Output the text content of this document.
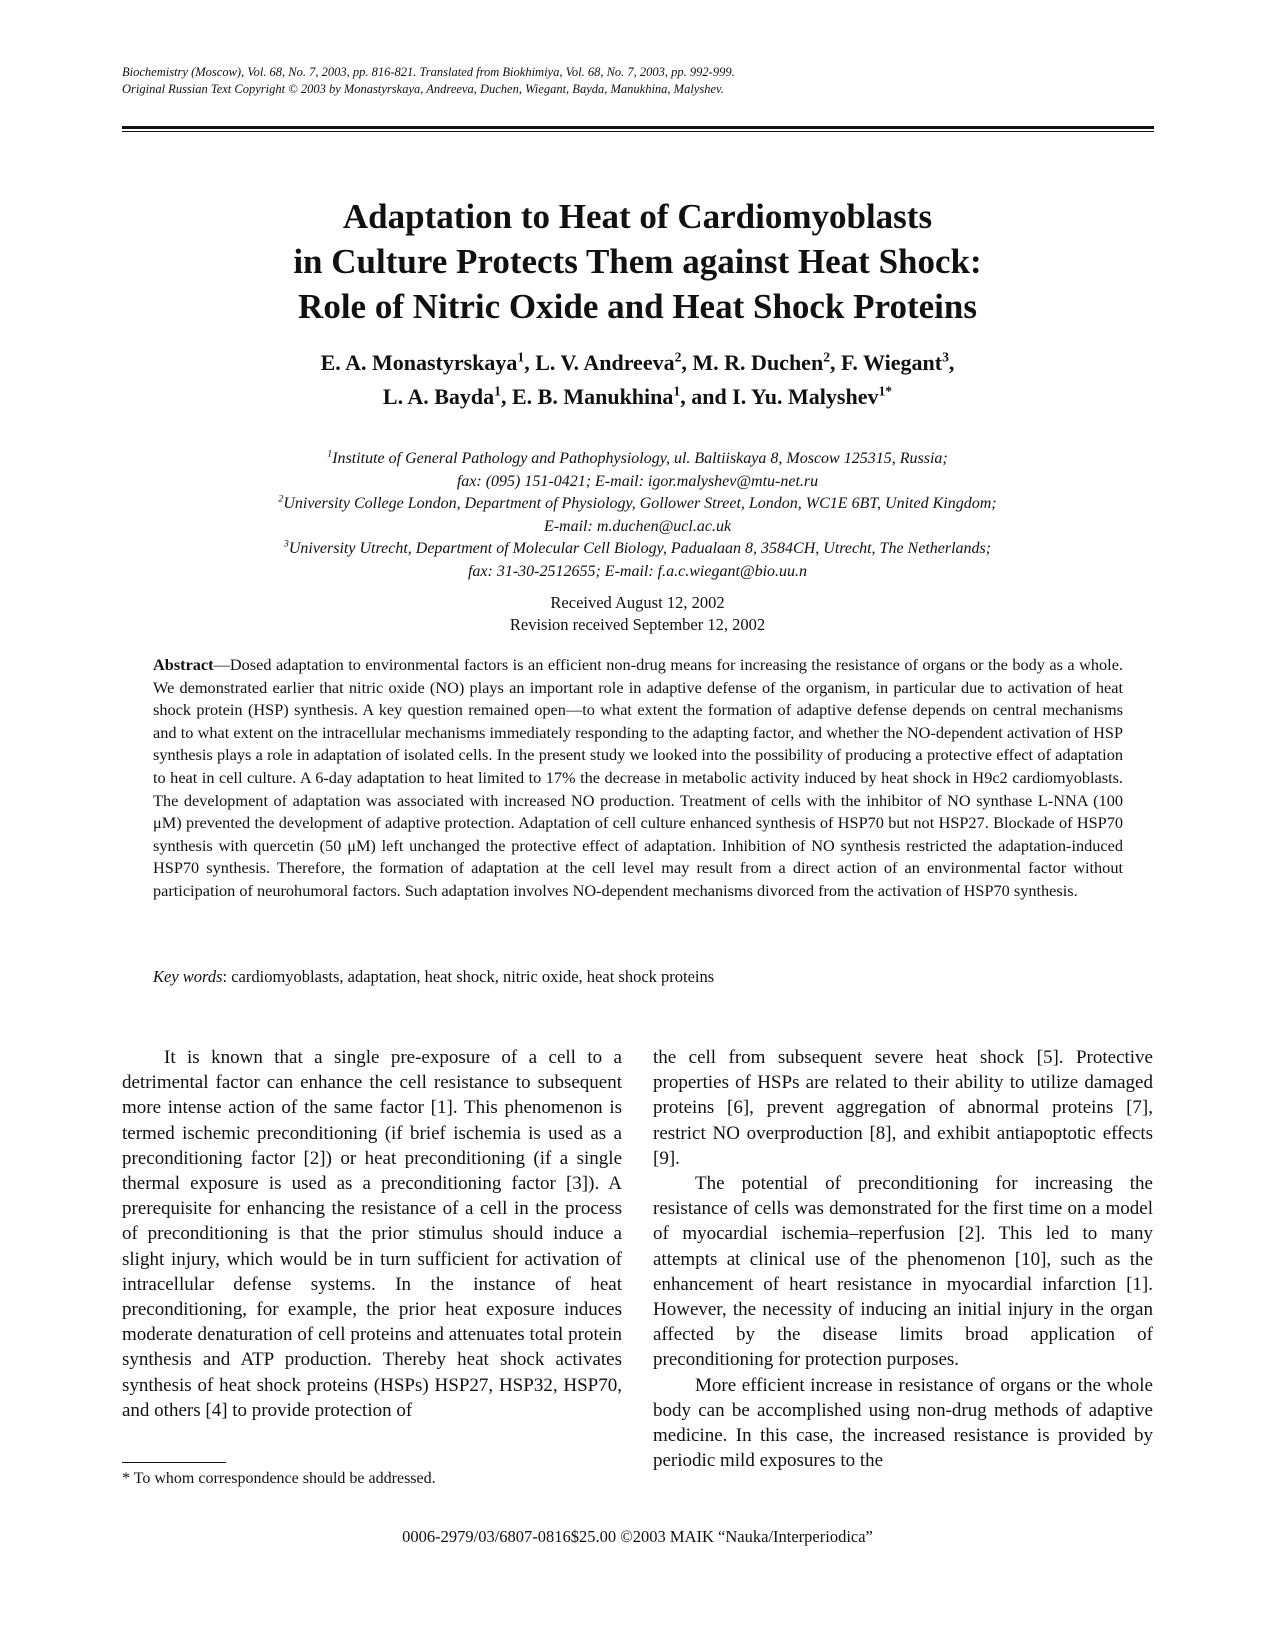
Biochemistry (Moscow), Vol. 68, No. 7, 2003, pp. 816-821. Translated from Biokhimiya, Vol. 68, No. 7, 2003, pp. 992-999.
Original Russian Text Copyright © 2003 by Monastyrskaya, Andreeva, Duchen, Wiegant, Bayda, Manukhina, Malyshev.
Adaptation to Heat of Cardiomyoblasts
in Culture Protects Them against Heat Shock:
Role of Nitric Oxide and Heat Shock Proteins
E. A. Monastyrskaya$^1$, L. V. Andreeva$^2$, M. R. Duchen$^2$, F. Wiegant$^3$,
L. A. Bayda$^1$, E. B. Manukhina$^1$, and I. Yu. Malyshev$^{1*}$
$^1$Institute of General Pathology and Pathophysiology, ul. Baltiiskaya 8, Moscow 125315, Russia;
fax: (095) 151-0421; E-mail: igor.malyshev@mtu-net.ru
$^2$University College London, Department of Physiology, Gollower Street, London, WC1E 6BT, United Kingdom;
E-mail: m.duchen@ucl.ac.uk
$^3$University Utrecht, Department of Molecular Cell Biology, Padualaan 8, 3584CH, Utrecht, The Netherlands;
fax: 31-30-2512655; E-mail: f.a.c.wiegant@bio.uu.n
Received August 12, 2002
Revision received September 12, 2002
Abstract—Dosed adaptation to environmental factors is an efficient non-drug means for increasing the resistance of organs or the body as a whole. We demonstrated earlier that nitric oxide (NO) plays an important role in adaptive defense of the organism, in particular due to activation of heat shock protein (HSP) synthesis. A key question remained open—to what extent the formation of adaptive defense depends on central mechanisms and to what extent on the intracellular mechanisms immediately responding to the adapting factor, and whether the NO-dependent activation of HSP synthesis plays a role in adaptation of isolated cells. In the present study we looked into the possibility of producing a protective effect of adaptation to heat in cell culture. A 6-day adaptation to heat limited to 17% the decrease in metabolic activity induced by heat shock in H9c2 cardiomyoblasts. The development of adaptation was associated with increased NO production. Treatment of cells with the inhibitor of NO synthase L-NNA (100 μM) prevented the development of adaptive protection. Adaptation of cell culture enhanced synthesis of HSP70 but not HSP27. Blockade of HSP70 synthesis with quercetin (50 μM) left unchanged the protective effect of adaptation. Inhibition of NO synthesis restricted the adaptation-induced HSP70 synthesis. Therefore, the formation of adaptation at the cell level may result from a direct action of an environmental factor without participation of neurohumoral factors. Such adaptation involves NO-dependent mechanisms divorced from the activation of HSP70 synthesis.
Key words: cardiomyoblasts, adaptation, heat shock, nitric oxide, heat shock proteins

It is known that a single pre-exposure of a cell to a detrimental factor can enhance the cell resistance to subsequent more intense action of the same factor [1]. This phenomenon is termed ischemic preconditioning (if brief ischemia is used as a preconditioning factor [2]) or heat preconditioning (if a single thermal exposure is used as a preconditioning factor [3]). A prerequisite for enhancing the resistance of a cell in the process of preconditioning is that the prior stimulus should induce a slight injury, which would be in turn sufficient for activation of intracellular defense systems. In the instance of heat preconditioning, for example, the prior heat exposure induces moderate denaturation of cell proteins and attenuates total protein synthesis and ATP production. Thereby heat shock activates synthesis of heat shock proteins (HSPs) HSP27, HSP32, HSP70, and others [4] to provide protection of

the cell from subsequent severe heat shock [5]. Protective properties of HSPs are related to their ability to utilize damaged proteins [6], prevent aggregation of abnormal proteins [7], restrict NO overproduction [8], and exhibit antiapoptotic effects [9].

The potential of preconditioning for increasing the resistance of cells was demonstrated for the first time on a model of myocardial ischemia–reperfusion [2]. This led to many attempts at clinical use of the phenomenon [10], such as the enhancement of heart resistance in myocardial infarction [1]. However, the necessity of inducing an initial injury in the organ affected by the disease limits broad application of preconditioning for protection purposes.

More efficient increase in resistance of organs or the whole body can be accomplished using non-drug methods of adaptive medicine. In this case, the increased resistance is provided by periodic mild exposures to the

* To whom correspondence should be addressed.
0006-2979/03/6807-0816$25.00 ©2003 MAIK “Nauka/Interperiodica”
